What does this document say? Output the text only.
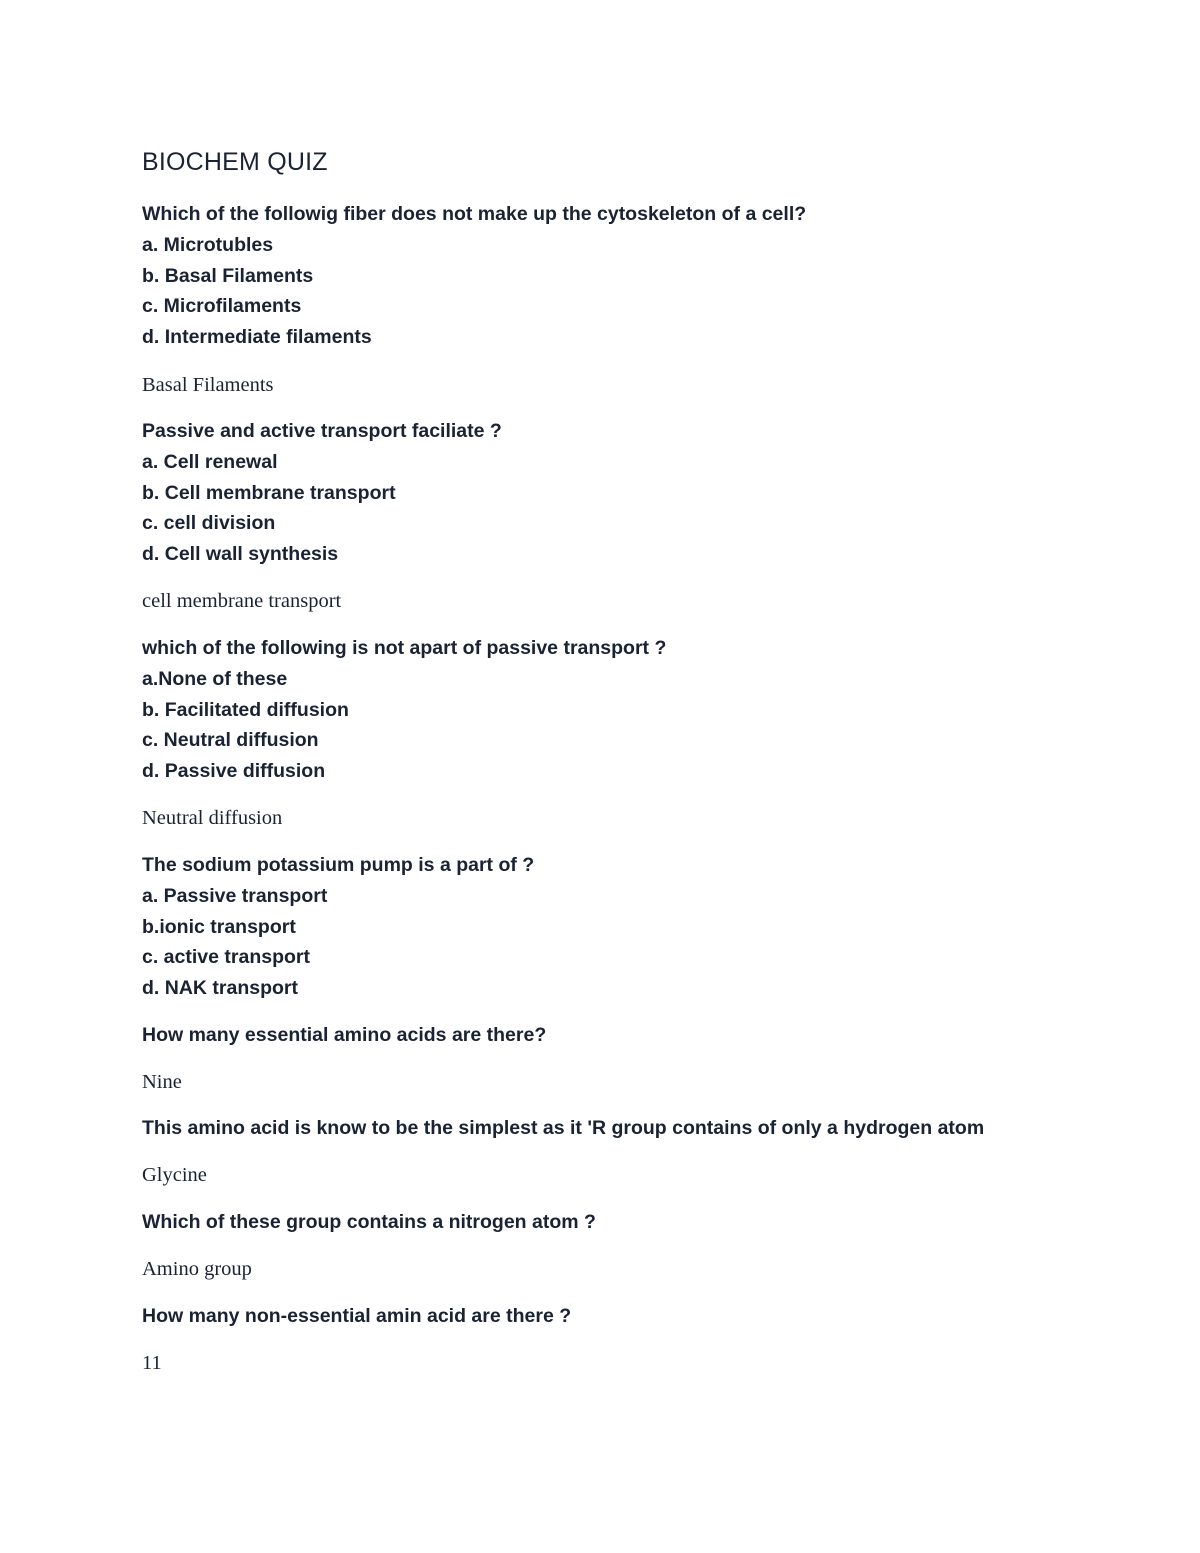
BIOCHEM QUIZ
Which of the followig fiber does not make up the cytoskeleton of a cell?
a. Microtubles
b. Basal Filaments
c. Microfilaments
d. Intermediate filaments
Basal Filaments
Passive and active transport faciliate ?
a. Cell renewal
b. Cell membrane transport
c. cell division
d. Cell wall synthesis
cell membrane transport
which of the following is not apart of passive transport ?
a.None of these
b. Facilitated diffusion
c. Neutral diffusion
d. Passive diffusion
Neutral diffusion
The sodium potassium pump is a part of ?
a. Passive transport
b.ionic transport
c. active transport
d. NAK transport
How many essential amino acids are there?
Nine
This amino acid is know to be the simplest as it 'R group contains of only a hydrogen atom
Glycine
Which of these group contains a nitrogen atom ?
Amino group
How many non-essential amin acid are there ?
11
